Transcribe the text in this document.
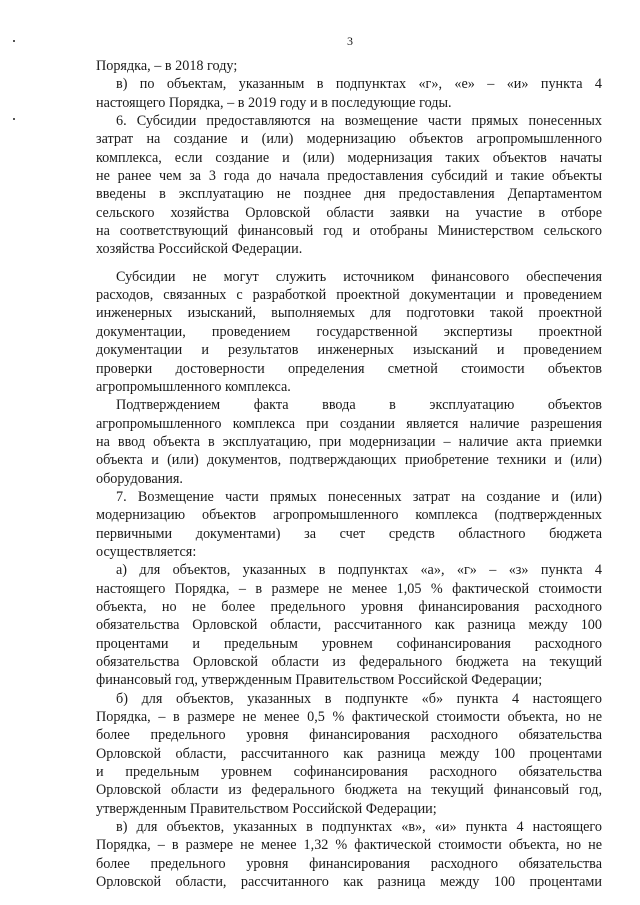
3
Порядка, – в 2018 году;
в) по объектам, указанным в подпунктах «г», «е» – «и» пункта 4
настоящего Порядка, – в 2019 году и в последующие годы.
6. Субсидии предоставляются на возмещение части прямых понесенных
затрат на создание и (или) модернизацию объектов агропромышленного
комплекса, если создание и (или) модернизация таких объектов начаты
не ранее чем за 3 года до начала предоставления субсидий и такие объекты
введены в эксплуатацию не позднее дня предоставления Департаментом
сельского хозяйства Орловской области заявки на участие в отборе
на соответствующий финансовый год и отобраны Министерством сельского
хозяйства Российской Федерации.
Субсидии не могут служить источником финансового обеспечения
расходов, связанных с разработкой проектной документации и проведением
инженерных изысканий, выполняемых для подготовки такой проектной
документации, проведением государственной экспертизы проектной
документации и результатов инженерных изысканий и проведением
проверки достоверности определения сметной стоимости объектов
агропромышленного комплекса.
Подтверждением факта ввода в эксплуатацию объектов
агропромышленного комплекса при создании является наличие разрешения
на ввод объекта в эксплуатацию, при модернизации – наличие акта приемки
объекта и (или) документов, подтверждающих приобретение техники и (или)
оборудования.
7. Возмещение части прямых понесенных затрат на создание и (или)
модернизацию объектов агропромышленного комплекса (подтвержденных
первичными документами) за счет средств областного бюджета
осуществляется:
а) для объектов, указанных в подпунктах «а», «г» – «з» пункта 4
настоящего Порядка, – в размере не менее 1,05 % фактической стоимости
объекта, но не более предельного уровня финансирования расходного
обязательства Орловской области, рассчитанного как разница между 100
процентами и предельным уровнем софинансирования расходного
обязательства Орловской области из федерального бюджета на текущий
финансовый год, утвержденным Правительством Российской Федерации;
б) для объектов, указанных в подпункте «б» пункта 4 настоящего
Порядка, – в размере не менее 0,5 % фактической стоимости объекта, но не
более предельного уровня финансирования расходного обязательства
Орловской области, рассчитанного как разница между 100 процентами
и предельным уровнем софинансирования расходного обязательства
Орловской области из федерального бюджета на текущий финансовый год,
утвержденным Правительством Российской Федерации;
в) для объектов, указанных в подпунктах «в», «и» пункта 4 настоящего
Порядка, – в размере не менее 1,32 % фактической стоимости объекта, но не
более предельного уровня финансирования расходного обязательства
Орловской области, рассчитанного как разница между 100 процентами
